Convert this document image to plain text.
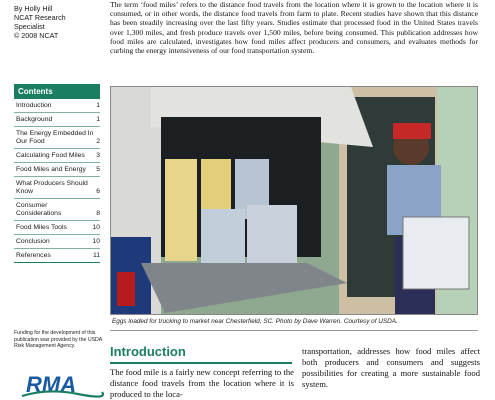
By Holly Hill
NCAT Research
Specialist
© 2008 NCAT
The term ‘food miles’ refers to the distance food travels from the location where it is grown to the location where it is consumed, or in other words, the distance food travels from farm to plate. Recent studies have shown that this distance has been steadily increasing over the last fifty years. Studies estimate that processed food in the United States travels over 1,300 miles, and fresh produce travels over 1,500 miles, before being consumed. This publication addresses how food miles are calculated, investigates how food miles affect producers and consumers, and evaluates methods for curbing the energy intensiveness of our food transportation system.
Contents
Introduction	1
Background	1
The Energy Embedded In Our Food	2
Calculating Food Miles	3
Food Miles and Energy	5
What Producers Should Know	6
Consumer Considerations	8
Food Miles Tools	10
Conclusion	10
References	11
Eggs loaded for trucking to market near Chesterfield, SC. Photo by Dave Warren. Courtesy of USDA.
Funding for the development of this publication was provided by the USDA Risk Management Agency.
RMA
Introduction
The food mile is a fairly new concept referring to the distance food travels from the location where it is produced to the loca-
transportation, addresses how food miles affect both producers and consumers and suggests possibilities for creating a more sustainable food system.
